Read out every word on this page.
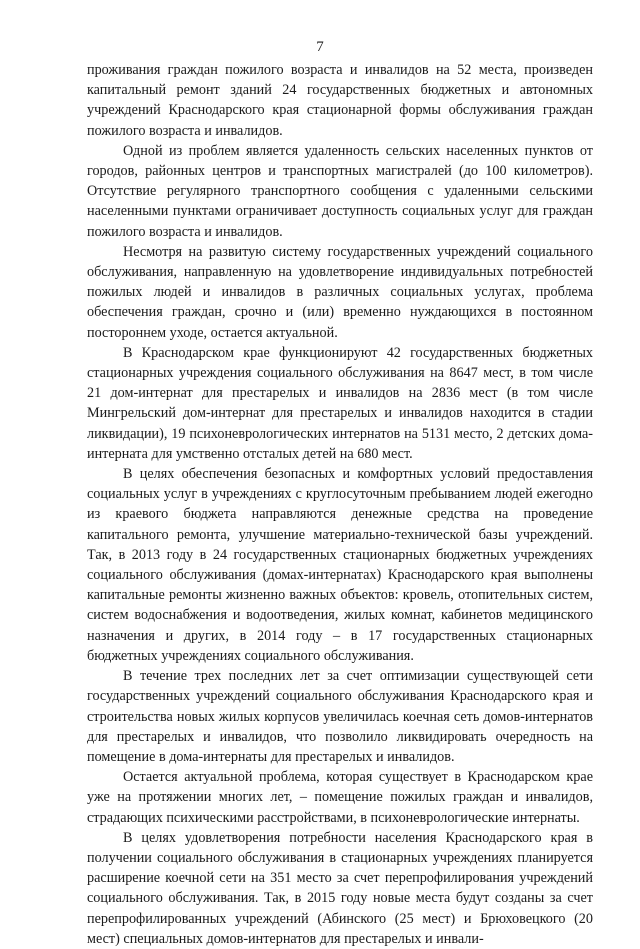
7

проживания граждан пожилого возраста и инвалидов на 52 места, произведен капитальный ремонт зданий 24 государственных бюджетных и автономных учреждений Краснодарского края стационарной формы обслуживания граждан пожилого возраста и инвалидов.

Одной из проблем является удаленность сельских населенных пунктов от городов, районных центров и транспортных магистралей (до 100 километров). Отсутствие регулярного транспортного сообщения с удаленными сельскими населенными пунктами ограничивает доступность социальных услуг для граждан пожилого возраста и инвалидов.

Несмотря на развитую систему государственных учреждений социального обслуживания, направленную на удовлетворение индивидуальных потребностей пожилых людей и инвалидов в различных социальных услугах, проблема обеспечения граждан, срочно и (или) временно нуждающихся в постоянном постороннем уходе, остается актуальной.

В Краснодарском крае функционируют 42 государственных бюджетных стационарных учреждения социального обслуживания на 8647 мест, в том числе 21 дом-интернат для престарелых и инвалидов на 2836 мест (в том числе Мингрельский дом-интернат для престарелых и инвалидов находится в стадии ликвидации), 19 психоневрологических интернатов на 5131 место, 2 детских дома-интерната для умственно отсталых детей на 680 мест.

В целях обеспечения безопасных и комфортных условий предоставления социальных услуг в учреждениях с круглосуточным пребыванием людей ежегодно из краевого бюджета направляются денежные средства на проведение капитального ремонта, улучшение материально-технической базы учреждений. Так, в 2013 году в 24 государственных стационарных бюджетных учреждениях социального обслуживания (домах-интернатах) Краснодарского края выполнены капитальные ремонты жизненно важных объектов: кровель, отопительных систем, систем водоснабжения и водоотведения, жилых комнат, кабинетов медицинского назначения и других, в 2014 году – в 17 государственных стационарных бюджетных учреждениях социального обслуживания.

В течение трех последних лет за счет оптимизации существующей сети государственных учреждений социального обслуживания Краснодарского края и строительства новых жилых корпусов увеличилась коечная сеть домов-интернатов для престарелых и инвалидов, что позволило ликвидировать очередность на помещение в дома-интернаты для престарелых и инвалидов.

Остается актуальной проблема, которая существует в Краснодарском крае уже на протяжении многих лет, – помещение пожилых граждан и инвалидов, страдающих психическими расстройствами, в психоневрологические интернаты.

В целях удовлетворения потребности населения Краснодарского края в получении социального обслуживания в стационарных учреждениях планируется расширение коечной сети на 351 место за счет перепрофилирования учреждений социального обслуживания. Так, в 2015 году новые места будут созданы за счет перепрофилированных учреждений (Абинского (25 мест) и Брюховецкого (20 мест) специальных домов-интернатов для престарелых и инвали-
